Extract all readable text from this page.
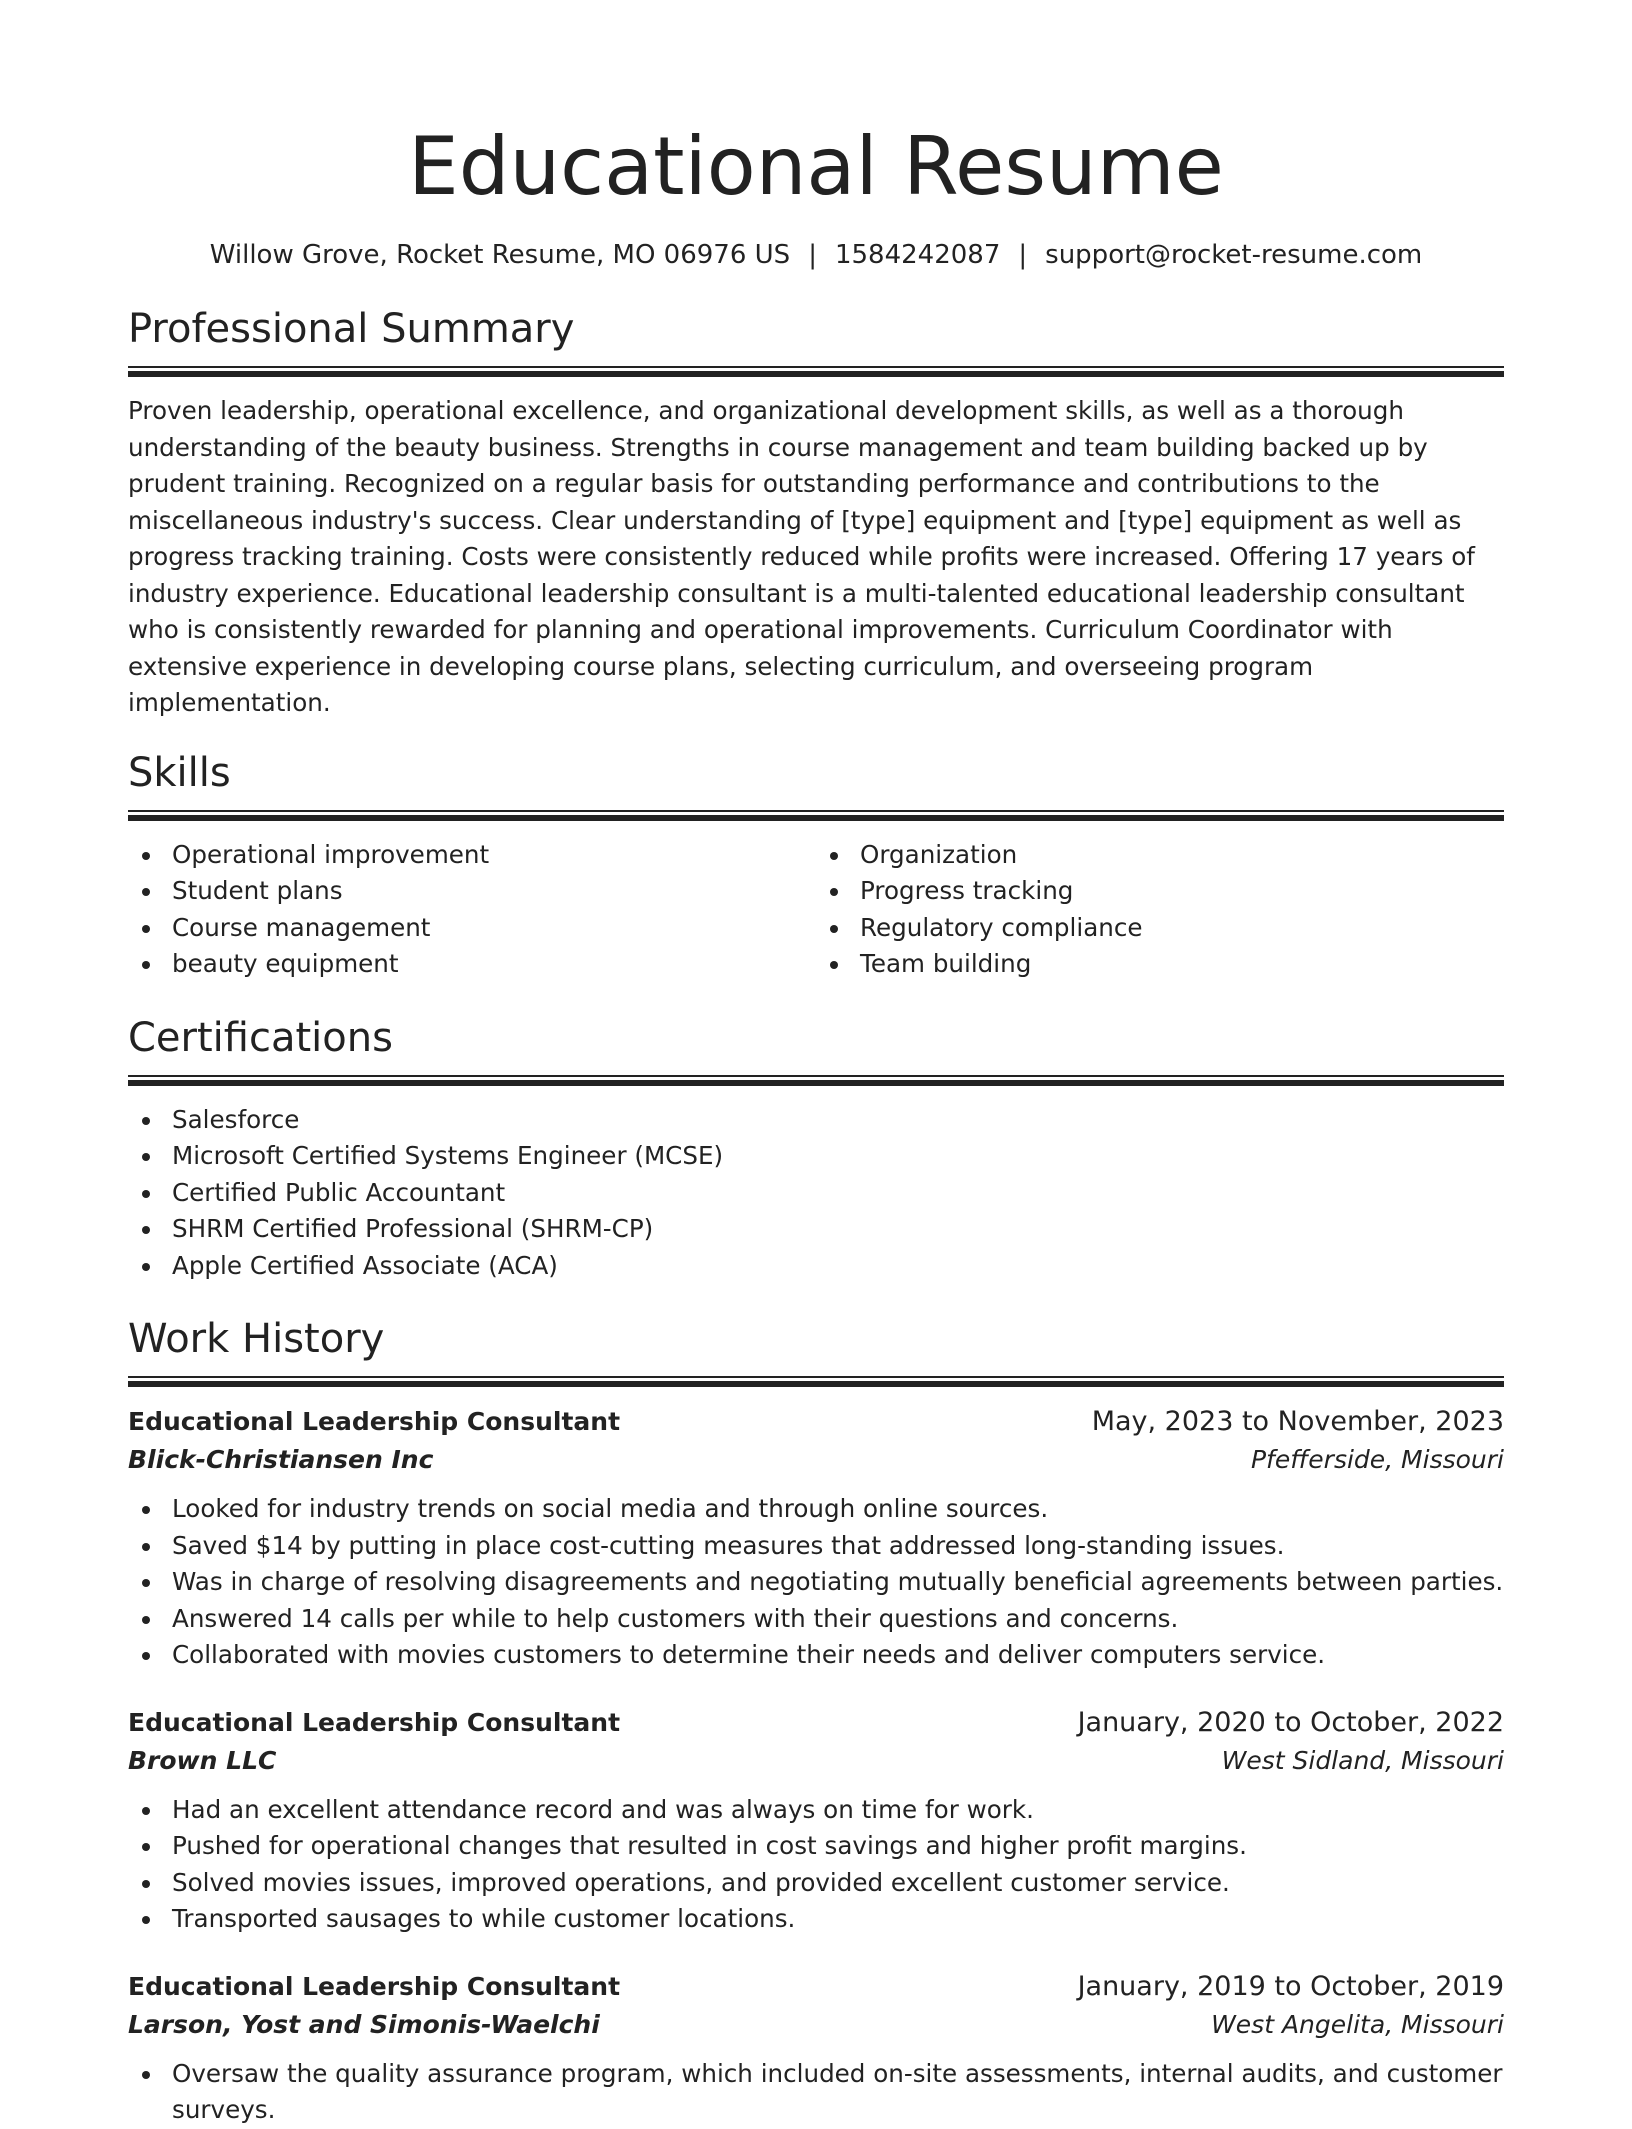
Educational Resume
Willow Grove, Rocket Resume, MO 06976 US | 1584242087 | support@rocket-resume.com
Professional Summary

Proven leadership, operational excellence, and organizational development skills, as well as a thorough understanding of the beauty business. Strengths in course management and team building backed up by prudent training. Recognized on a regular basis for outstanding performance and contributions to the miscellaneous industry's success. Clear understanding of [type] equipment and [type] equipment as well as progress tracking training. Costs were consistently reduced while profits were increased. Offering 17 years of industry experience. Educational leadership consultant is a multi-talented educational leadership consultant who is consistently rewarded for planning and operational improvements. Curriculum Coordinator with extensive experience in developing course plans, selecting curriculum, and overseeing program implementation.

Skills
Operational improvement
Student plans
Course management
beauty equipment
Organization
Progress tracking
Regulatory compliance
Team building
Certifications
Salesforce
Microsoft Certified Systems Engineer (MCSE)
Certified Public Accountant
SHRM Certified Professional (SHRM-CP)
Apple Certified Associate (ACA)
Work History
Educational Leadership Consultant	May, 2023 to November, 2023
Blick-Christiansen Inc	Pfefferside, Missouri
Looked for industry trends on social media and through online sources.
Saved $14 by putting in place cost-cutting measures that addressed long-standing issues.
Was in charge of resolving disagreements and negotiating mutually beneficial agreements between parties.
Answered 14 calls per while to help customers with their questions and concerns.
Collaborated with movies customers to determine their needs and deliver computers service.
Educational Leadership Consultant	January, 2020 to October, 2022
Brown LLC	West Sidland, Missouri
Had an excellent attendance record and was always on time for work.
Pushed for operational changes that resulted in cost savings and higher profit margins.
Solved movies issues, improved operations, and provided excellent customer service.
Transported sausages to while customer locations.
Educational Leadership Consultant	January, 2019 to October, 2019
Larson, Yost and Simonis-Waelchi	West Angelita, Missouri
Oversaw the quality assurance program, which included on-site assessments, internal audits, and customer surveys.
